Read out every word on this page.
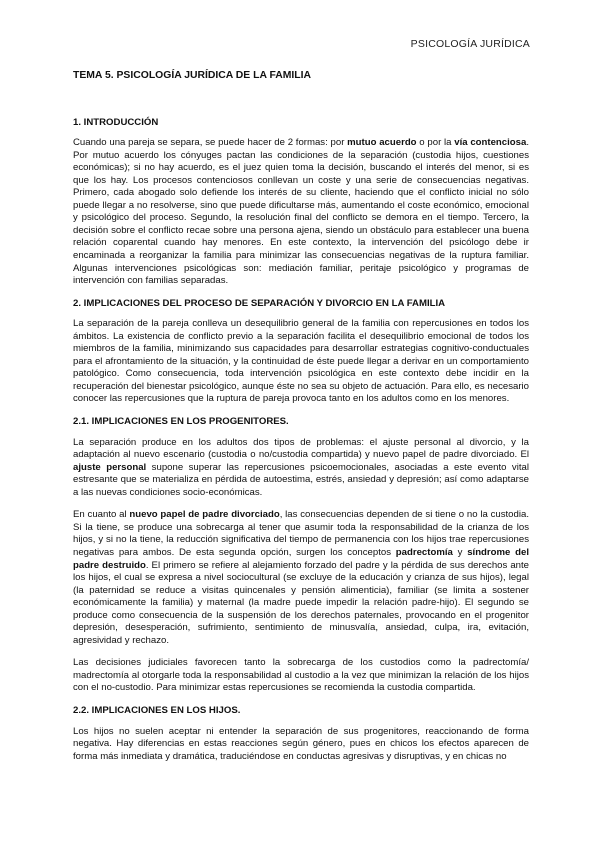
PSICOLOGÍA JURÍDICA
TEMA 5. PSICOLOGÍA JURÍDICA DE LA FAMILIA
1. INTRODUCCIÓN

Cuando una pareja se separa, se puede hacer de 2 formas: por mutuo acuerdo o por la vía contenciosa. Por mutuo acuerdo los cónyuges pactan las condiciones de la separación (custodia hijos, cuestiones económicas); si no hay acuerdo, es el juez quien toma la decisión, buscando el interés del menor, si es que los hay. Los procesos contenciosos conllevan un coste y una serie de consecuencias negativas. Primero, cada abogado solo defiende los interés de su cliente, haciendo que el conflicto inicial no sólo puede llegar a no resolverse, sino que puede dificultarse más, aumentando el coste económico, emocional y psicológico del proceso. Segundo, la resolución final del conflicto se demora en el tiempo. Tercero, la decisión sobre el conflicto recae sobre una persona ajena, siendo un obstáculo para establecer una buena relación coparental cuando hay menores. En este contexto, la intervención del psicólogo debe ir encaminada a reorganizar la familia para minimizar las consecuencias negativas de la ruptura familiar. Algunas intervenciones psicológicas son: mediación familiar, peritaje psicológico y programas de intervención con familias separadas.

2. IMPLICACIONES DEL PROCESO DE SEPARACIÓN Y DIVORCIO EN LA FAMILIA

La separación de la pareja conlleva un desequilibrio general de la familia con repercusiones en todos los ámbitos. La existencia de conflicto previo a la separación facilita el desequilibrio emocional de todos los miembros de la familia, minimizando sus capacidades para desarrollar estrategias cognitivo-conductuales para el afrontamiento de la situación, y la continuidad de éste puede llegar a derivar en un comportamiento patológico. Como consecuencia, toda intervención psicológica en este contexto debe incidir en la recuperación del bienestar psicológico, aunque éste no sea su objeto de actuación. Para ello, es necesario conocer las repercusiones que la ruptura de pareja provoca tanto en los adultos como en los menores.

2.1. IMPLICACIONES EN LOS PROGENITORES.

La separación produce en los adultos dos tipos de problemas: el ajuste personal al divorcio, y la adaptación al nuevo escenario (custodia o no/custodia compartida) y nuevo papel de padre divorciado. El ajuste personal supone superar las repercusiones psicoemocionales, asociadas a este evento vital estresante que se materializa en pérdida de autoestima, estrés, ansiedad y depresión; así como adaptarse a las nuevas condiciones socio-económicas.

En cuanto al nuevo papel de padre divorciado, las consecuencias dependen de si tiene o no la custodia. Si la tiene, se produce una sobrecarga al tener que asumir toda la responsabilidad de la crianza de los hijos, y si no la tiene, la reducción significativa del tiempo de permanencia con los hijos trae repercusiones negativas para ambos. De esta segunda opción, surgen los conceptos padrectomía y síndrome del padre destruido. El primero se refiere al alejamiento forzado del padre y la pérdida de sus derechos ante los hijos, el cual se expresa a nivel sociocultural (se excluye de la educación y crianza de sus hijos), legal (la paternidad se reduce a visitas quincenales y pensión alimenticia), familiar (se limita a sostener económicamente la familia) y maternal (la madre puede impedir la relación padre-hijo). El segundo se produce como consecuencia de la suspensión de los derechos paternales, provocando en el progenitor depresión, desesperación, sufrimiento, sentimiento de minusvalía, ansiedad, culpa, ira, evitación, agresividad y rechazo.

Las decisiones judiciales favorecen tanto la sobrecarga de los custodios como la padrectomía/ madrectomía al otorgarle toda la responsabilidad al custodio a la vez que minimizan la relación de los hijos con el no-custodio. Para minimizar estas repercusiones se recomienda la custodia compartida.

2.2. IMPLICACIONES EN LOS HIJOS.

Los hijos no suelen aceptar ni entender la separación de sus progenitores, reaccionando de forma negativa. Hay diferencias en estas reacciones según género, pues en chicos los efectos aparecen de forma más inmediata y dramática, traduciéndose en conductas agresivas y disruptivas, y en chicas no
